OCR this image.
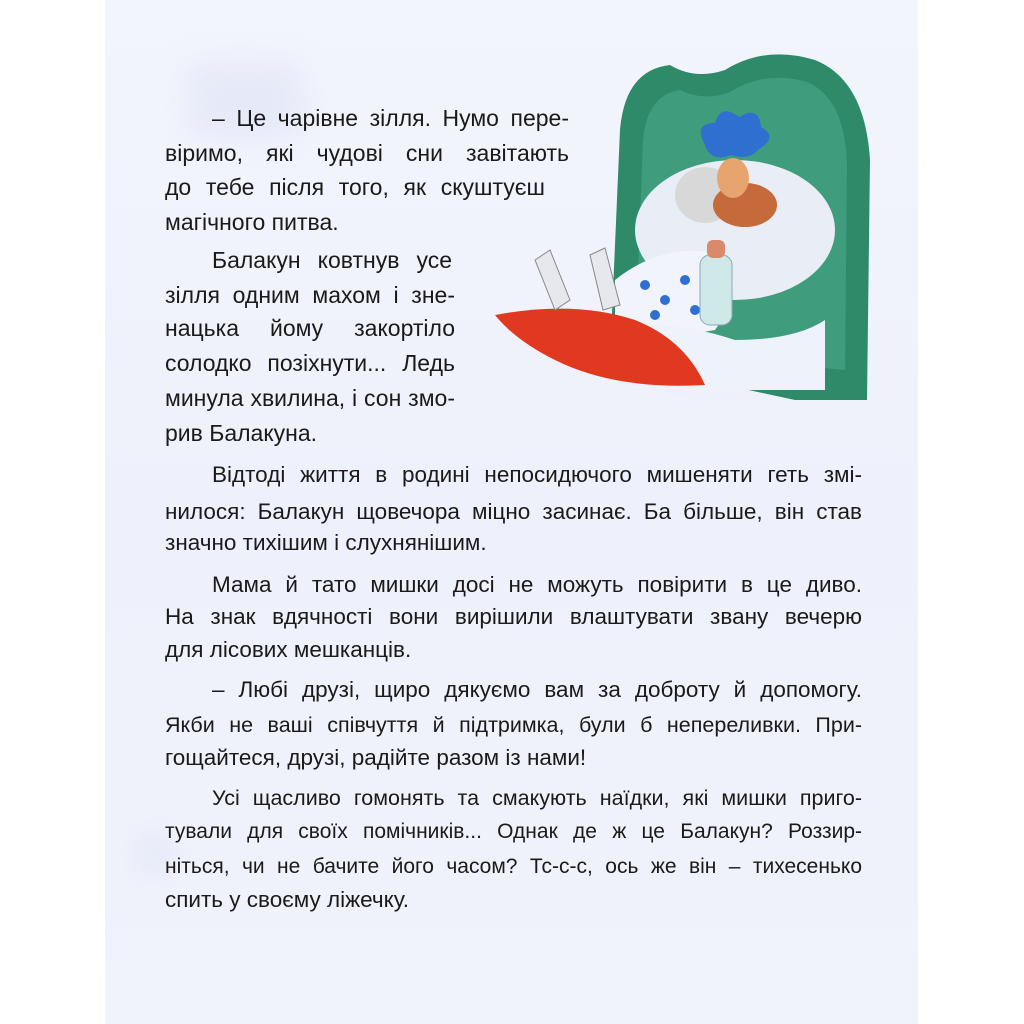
– Це чарівне зілля. Нумо пере-
віримо, які чудові сни завітають
до тебе після того, як скуштуєш
магічного питва.
Балакун ковтнув усе
зілля одним махом і зне-
нацька йому закортіло
солодко позіхнути... Ледь
минула хвилина, і сон змо-
рив Балакуна.
Відтоді життя в родині непосидючого мишеняти геть змі-
нилося: Балакун щовечора міцно засинає. Ба більше, він став
значно тихішим і слухнянішим.
Мама й тато мишки досі не можуть повірити в це диво.
На знак вдячності вони вирішили влаштувати звану вечерю
для лісових мешканців.
– Любі друзі, щиро дякуємо вам за доброту й допомогу.
Якби не ваші співчуття й підтримка, були б непереливки. При-
гощайтеся, друзі, радійте разом із нами!
Усі щасливо гомонять та смакують наїдки, які мишки приго-
тували для своїх помічників... Однак де ж це Балакун? Роззир-
ніться, чи не бачите його часом? Тс-с-с, ось же він – тихесенько
спить у своєму ліжечку.
